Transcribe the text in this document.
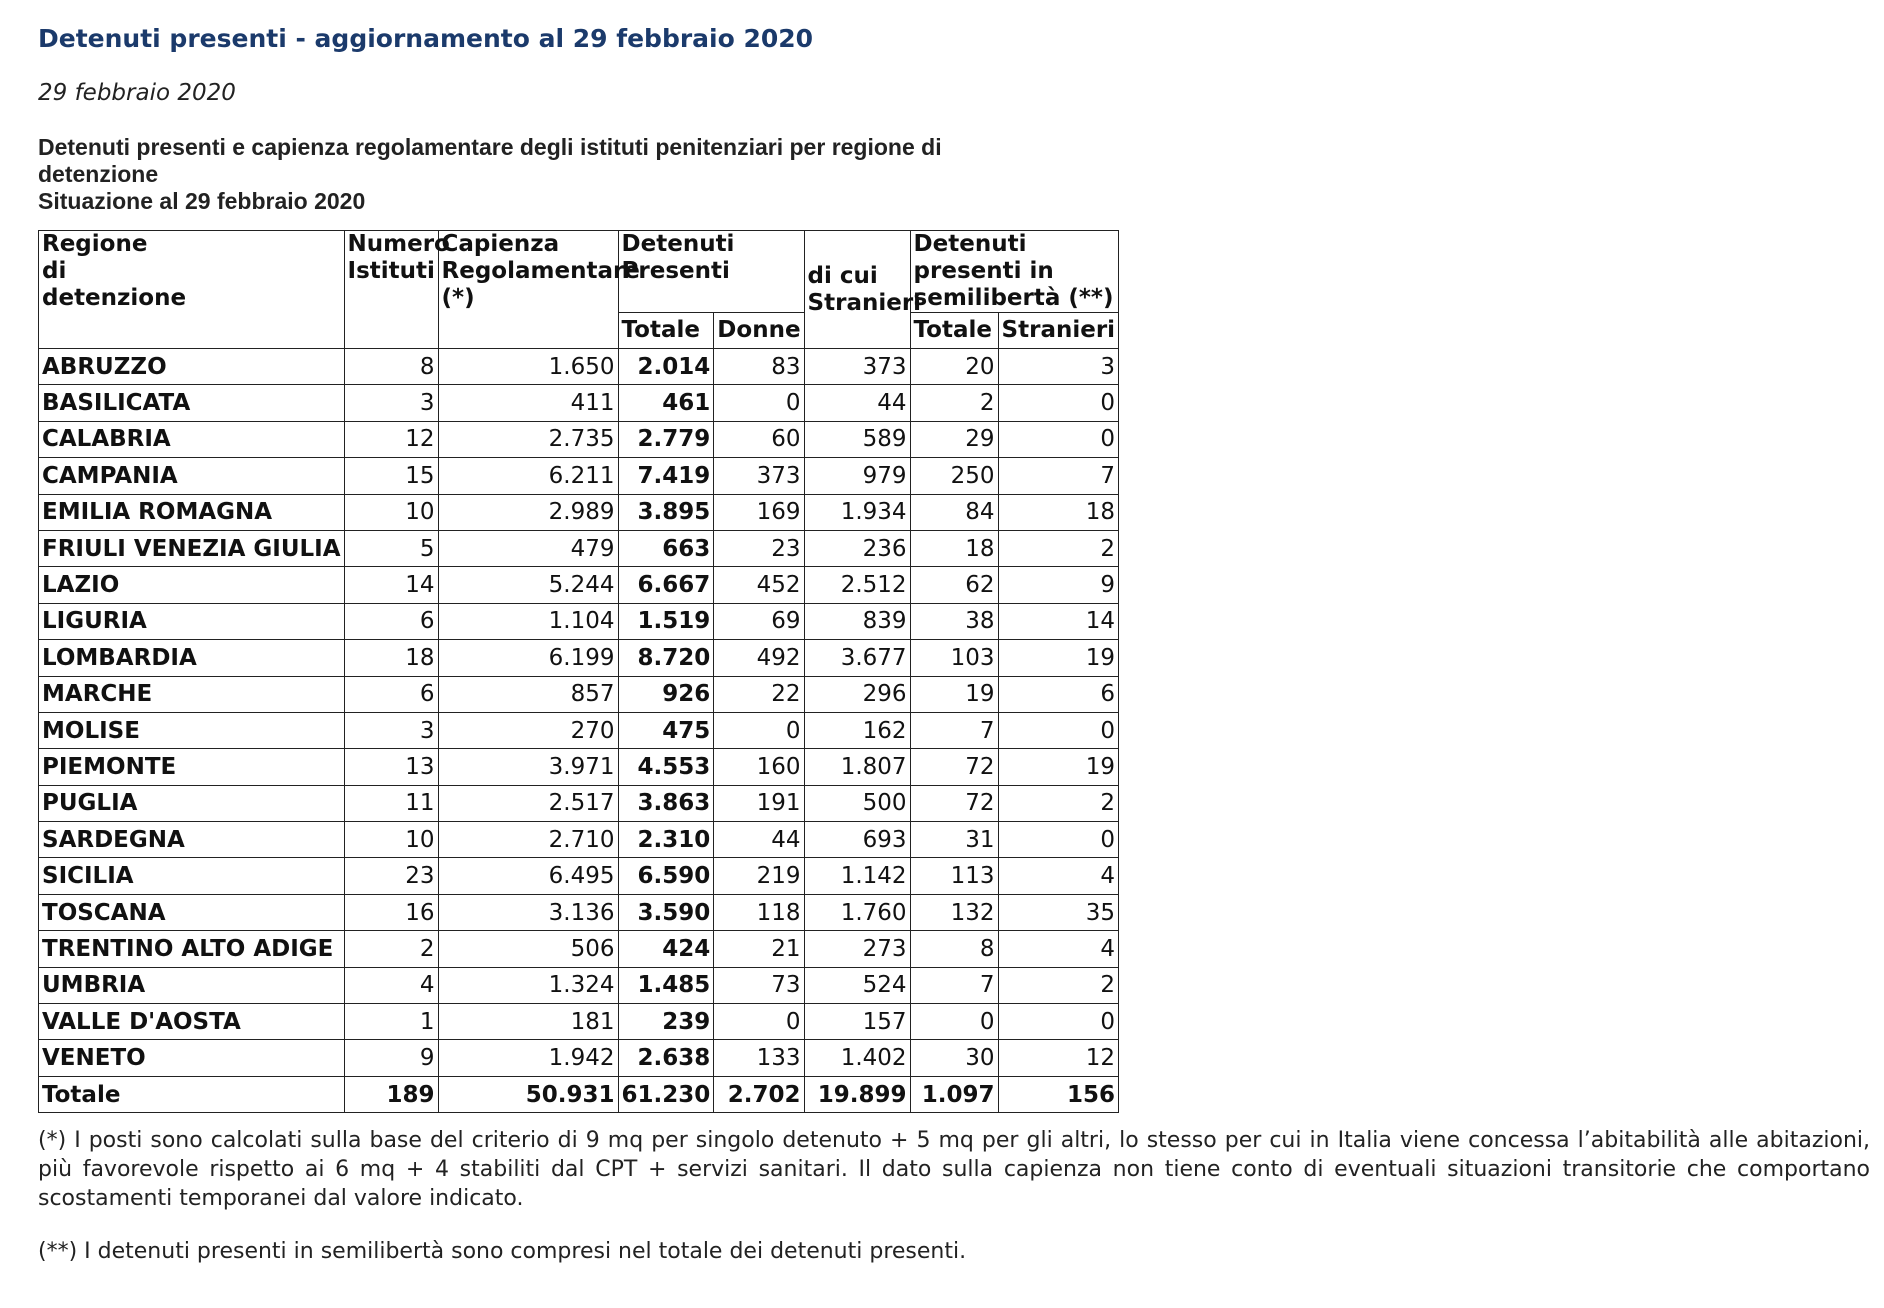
Detenuti presenti - aggiornamento al 29 febbraio 2020
29 febbraio 2020
Detenuti presenti e capienza regolamentare degli istituti penitenziari per regione di detenzione
Situazione al 29 febbraio 2020
Regione di detenzione	Numero Istituti	Capienza Regolamentare (*)	Detenuti Presenti		di cui Stranieri	Detenuti presenti in semilibertà (**)	

			Totale	Donne		Totale	Stranieri
ABRUZZO	8	1.650	2.014	83	373	20	3
BASILICATA	3	411	461	0	44	2	0
CALABRIA	12	2.735	2.779	60	589	29	0
CAMPANIA	15	6.211	7.419	373	979	250	7
EMILIA ROMAGNA	10	2.989	3.895	169	1.934	84	18
FRIULI VENEZIA GIULIA	5	479	663	23	236	18	2
LAZIO	14	5.244	6.667	452	2.512	62	9
LIGURIA	6	1.104	1.519	69	839	38	14
LOMBARDIA	18	6.199	8.720	492	3.677	103	19
MARCHE	6	857	926	22	296	19	6
MOLISE	3	270	475	0	162	7	0
PIEMONTE	13	3.971	4.553	160	1.807	72	19
PUGLIA	11	2.517	3.863	191	500	72	2
SARDEGNA	10	2.710	2.310	44	693	31	0
SICILIA	23	6.495	6.590	219	1.142	113	4
TOSCANA	16	3.136	3.590	118	1.760	132	35
TRENTINO ALTO ADIGE	2	506	424	21	273	8	4
UMBRIA	4	1.324	1.485	73	524	7	2
VALLE D'AOSTA	1	181	239	0	157	0	0
VENETO	9	1.942	2.638	133	1.402	30	12
Totale	189	50.931	61.230	2.702	19.899	1.097	156

(*) I posti sono calcolati sulla base del criterio di 9 mq per singolo detenuto + 5 mq per gli altri, lo stesso per cui in Italia viene concessa l’abitabilità alle abitazioni, più favorevole rispetto ai 6 mq + 4 stabiliti dal CPT + servizi sanitari. Il dato sulla capienza non tiene conto di eventuali situazioni transitorie che comportano scostamenti temporanei dal valore indicato.

(**) I detenuti presenti in semilibertà sono compresi nel totale dei detenuti presenti.
